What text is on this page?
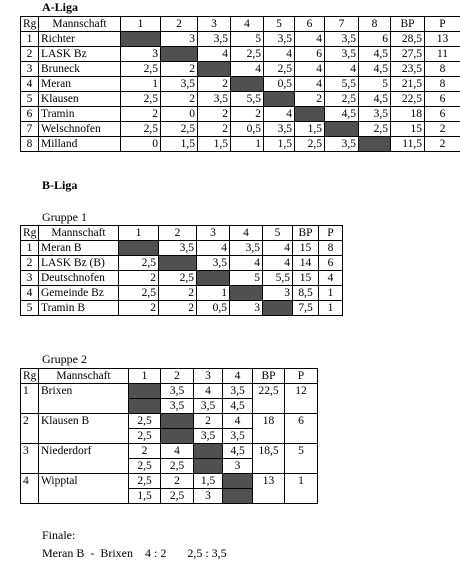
A-Liga
Rg	Mannschaft	1	2	3	4	5	6	7	8	BP	P
1	Richter		3	3,5	5	3,5	4	3,5	6	28,5	13
2	LASK Bz	3		4	2,5	4	6	3,5	4,5	27,5	11
3	Bruneck	2,5	2		4	2,5	4	4	4,5	23,5	8
4	Meran	1	3,5	2		0,5	4	5,5	5	21,5	8
5	Klausen	2,5	2	3,5	5,5		2	2,5	4,5	22,5	6
6	Tramin	2	0	2	2	4		4,5	3,5	18	6
7	Welschnofen	2,5	2,5	2	0,5	3,5	1,5		2,5	15	2
8	Milland	0	1,5	1,5	1	1,5	2,5	3,5		11,5	2
B-Liga
Gruppe 1
Rg	Mannschaft	1	2	3	4	5	BP	P
1	Meran B		3,5	4	3,5	4	15	8
2	LASK Bz (B)	2,5		3,5	4	4	14	6
3	Deutschnofen	2	2,5		5	5,5	15	4
4	Gemeinde Bz	2,5	2	1		3	8,5	1
5	Tramin B	2	2	0,5	3		7,5	1
Gruppe 2
Rg	Mannschaft	1	2	3	4	BP	P
1	Brixen		3,5	4	3,5	22,5	12
			3,5	3,5	4,5		
2	Klausen B	2,5		2	4	18	6
		2,5		3,5	3,5		
3	Niederdorf	2	4		4,5	18,5	5
		2,5	2,5		3		
4	Wipptal	2,5	2	1,5		13	1
		1,5	2,5	3			
Finale:
Meran B  -  Brixen    4 : 2       2,5 : 3,5
